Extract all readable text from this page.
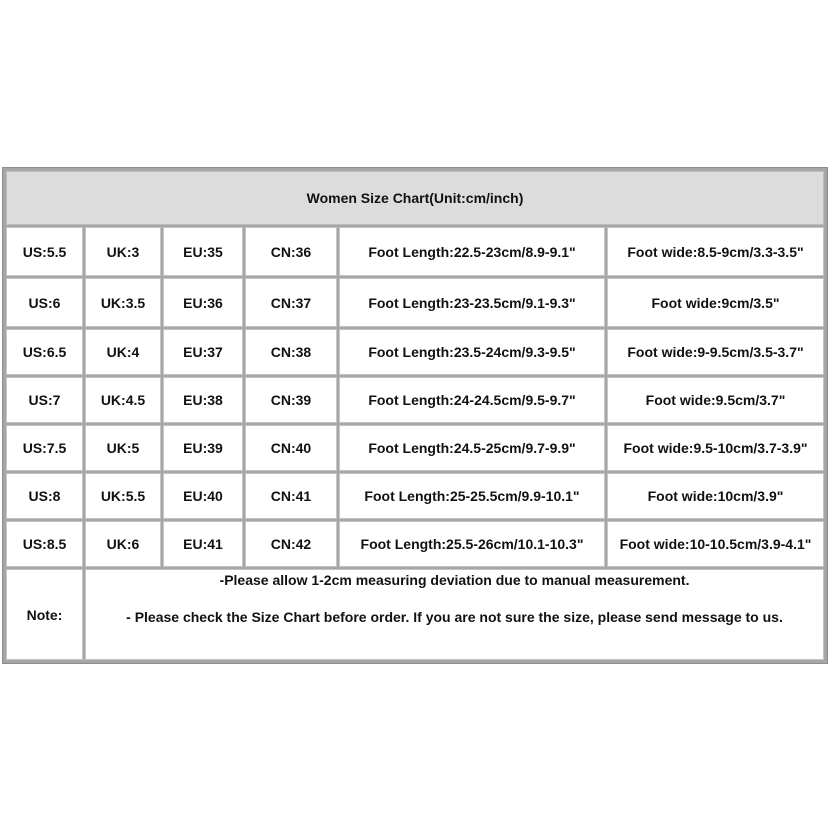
Women Size Chart(Unit:cm/inch)
US:5.5	UK:3	EU:35	CN:36	Foot Length:22.5-23cm/8.9-9.1"	Foot wide:8.5-9cm/3.3-3.5"
US:6	UK:3.5	EU:36	CN:37	Foot Length:23-23.5cm/9.1-9.3"	Foot wide:9cm/3.5"
US:6.5	UK:4	EU:37	CN:38	Foot Length:23.5-24cm/9.3-9.5"	Foot wide:9-9.5cm/3.5-3.7"
US:7	UK:4.5	EU:38	CN:39	Foot Length:24-24.5cm/9.5-9.7"	Foot wide:9.5cm/3.7"
US:7.5	UK:5	EU:39	CN:40	Foot Length:24.5-25cm/9.7-9.9"	Foot wide:9.5-10cm/3.7-3.9"
US:8	UK:5.5	EU:40	CN:41	Foot Length:25-25.5cm/9.9-10.1"	Foot wide:10cm/3.9"
US:8.5	UK:6	EU:41	CN:42	Foot Length:25.5-26cm/10.1-10.3"	Foot wide:10-10.5cm/3.9-4.1"
Note:
-Please allow 1-2cm measuring deviation due to manual measurement.
- Please check the Size Chart before order. If you are not sure the size, please send message to us.
